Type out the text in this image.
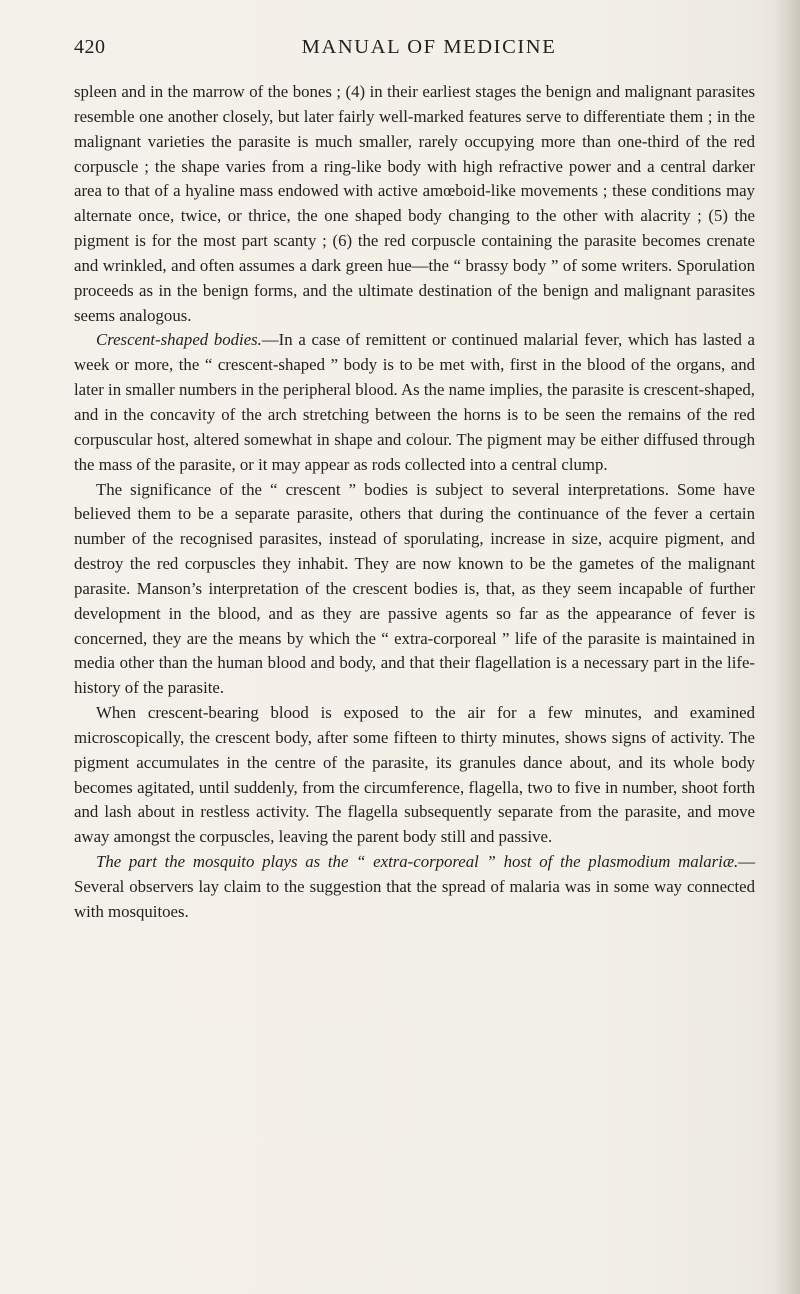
420	MANUAL OF MEDICINE

spleen and in the marrow of the bones ; (4) in their earliest stages the benign and malignant parasites resemble one another closely, but later fairly well-marked features serve to differentiate them ; in the malignant varieties the parasite is much smaller, rarely occupying more than one-third of the red corpuscle ; the shape varies from a ring-like body with high refractive power and a central darker area to that of a hyaline mass endowed with active amœboid-like movements ; these conditions may alternate once, twice, or thrice, the one shaped body changing to the other with alacrity ; (5) the pigment is for the most part scanty ; (6) the red corpuscle containing the parasite becomes crenate and wrinkled, and often assumes a dark green hue—the “ brassy body ” of some writers. Sporulation proceeds as in the benign forms, and the ultimate destination of the benign and malignant parasites seems analogous.

Crescent-shaped bodies.—In a case of remittent or continued malarial fever, which has lasted a week or more, the “ crescent-shaped ” body is to be met with, first in the blood of the organs, and later in smaller numbers in the peripheral blood. As the name implies, the parasite is crescent-shaped, and in the concavity of the arch stretching between the horns is to be seen the remains of the red corpuscular host, altered somewhat in shape and colour. The pigment may be either diffused through the mass of the parasite, or it may appear as rods collected into a central clump.

The significance of the “ crescent ” bodies is subject to several interpretations. Some have believed them to be a separate parasite, others that during the continuance of the fever a certain number of the recognised parasites, instead of sporulating, increase in size, acquire pigment, and destroy the red corpuscles they inhabit. They are now known to be the gametes of the malignant parasite. Manson’s interpretation of the crescent bodies is, that, as they seem incapable of further development in the blood, and as they are passive agents so far as the appearance of fever is concerned, they are the means by which the “ extra-corporeal ” life of the parasite is maintained in media other than the human blood and body, and that their flagellation is a necessary part in the life-history of the parasite.

When crescent-bearing blood is exposed to the air for a few minutes, and examined microscopically, the crescent body, after some fifteen to thirty minutes, shows signs of activity. The pigment accumulates in the centre of the parasite, its granules dance about, and its whole body becomes agitated, until suddenly, from the circumference, flagella, two to five in number, shoot forth and lash about in restless activity. The flagella subsequently separate from the parasite, and move away amongst the corpuscles, leaving the parent body still and passive.

The part the mosquito plays as the “ extra-corporeal ” host of the plasmodium malariæ.—Several observers lay claim to the suggestion that the spread of malaria was in some way connected with mosquitoes.
